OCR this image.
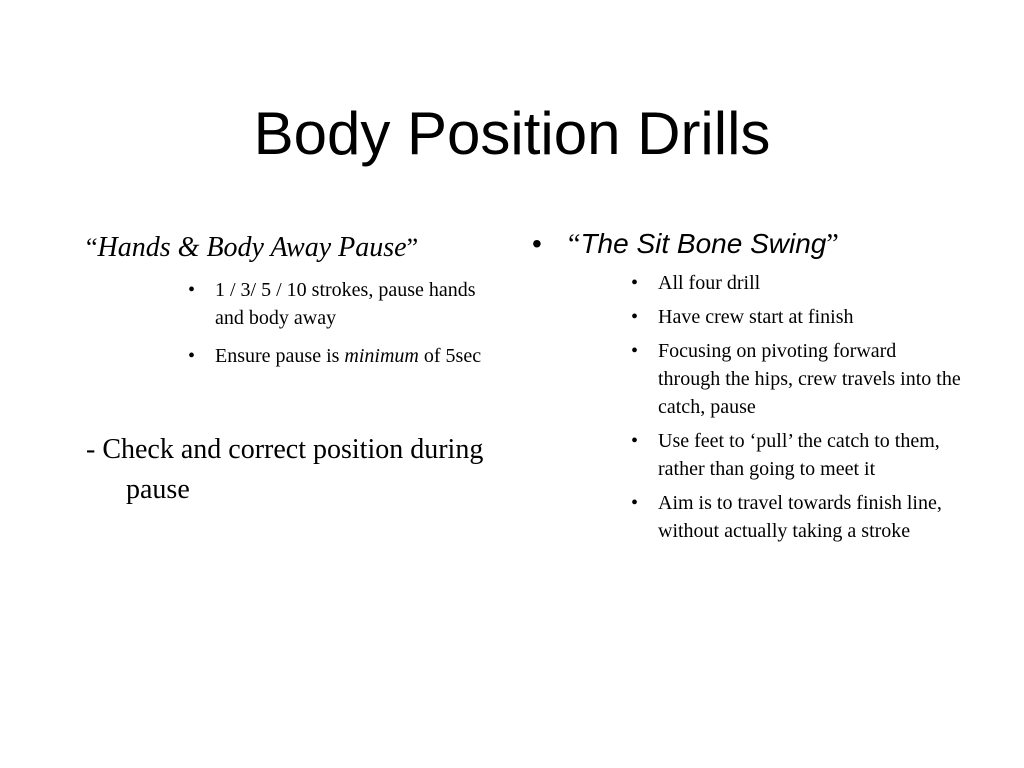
Body Position Drills

“Hands & Body Away Pause”

• 1 / 3/ 5 / 10 strokes, pause hands and body away
• Ensure pause is minimum of 5sec

- Check and correct position during pause

• “The Sit Bone Swing”

• All four drill
• Have crew start at finish
• Focusing on pivoting forward through the hips, crew travels into the catch, pause
• Use feet to ‘pull’ the catch to them, rather than going to meet it
• Aim is to travel towards finish line, without actually taking a stroke
